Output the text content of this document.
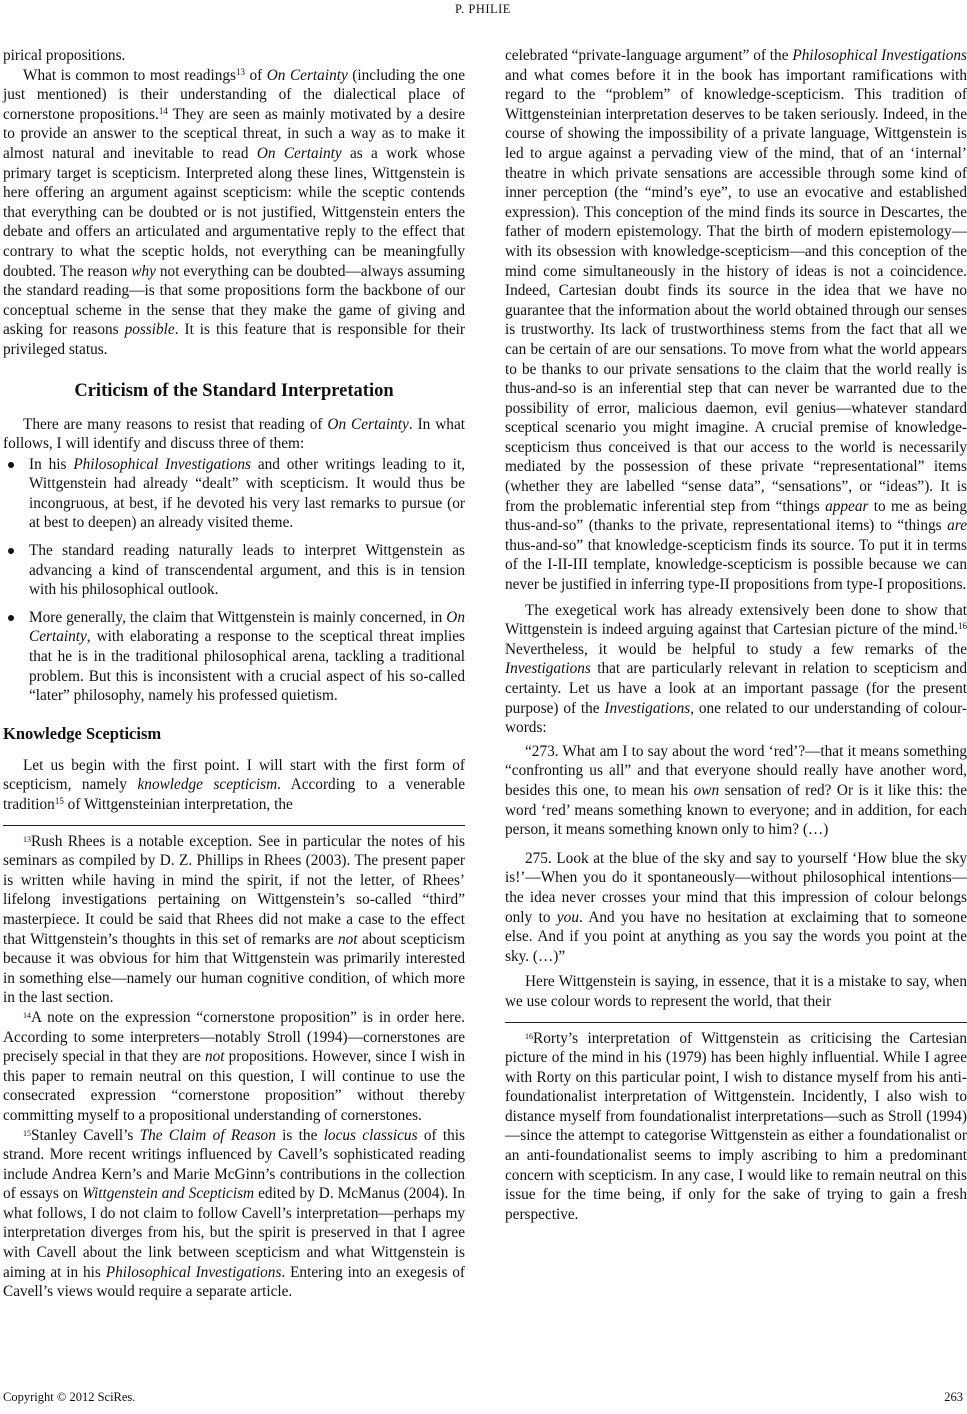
P. PHILIE

pirical propositions.

What is common to most readings$^{13}$ of On Certainty (including the one just mentioned) is their understanding of the dialectical place of cornerstone propositions.$^{14}$ They are seen as mainly motivated by a desire to provide an answer to the sceptical threat, in such a way as to make it almost natural and inevitable to read On Certainty as a work whose primary target is scepticism. Interpreted along these lines, Wittgenstein is here offering an argument against scepticism: while the sceptic contends that everything can be doubted or is not justified, Wittgenstein enters the debate and offers an articulated and argumentative reply to the effect that contrary to what the sceptic holds, not everything can be meaningfully doubted. The reason why not everything can be doubted—always assuming the standard reading—is that some propositions form the backbone of our conceptual scheme in the sense that they make the game of giving and asking for reasons possible. It is this feature that is responsible for their privileged status.

Criticism of the Standard Interpretation

There are many reasons to resist that reading of On Certainty. In what follows, I will identify and discuss three of them:

In his Philosophical Investigations and other writings leading to it, Wittgenstein had already “dealt” with scepticism. It would thus be incongruous, at best, if he devoted his very last remarks to pursue (or at best to deepen) an already visited theme.
The standard reading naturally leads to interpret Wittgenstein as advancing a kind of transcendental argument, and this is in tension with his philosophical outlook.
More generally, the claim that Wittgenstein is mainly concerned, in On Certainty, with elaborating a response to the sceptical threat implies that he is in the traditional philosophical arena, tackling a traditional problem. But this is inconsistent with a crucial aspect of his so-called “later” philosophy, namely his professed quietism.
Knowledge Scepticism

Let us begin with the first point. I will start with the first form of scepticism, namely knowledge scepticism. According to a venerable tradition$^{15}$ of Wittgensteinian interpretation, the

$^{13}$Rush Rhees is a notable exception. See in particular the notes of his seminars as compiled by D. Z. Phillips in Rhees (2003). The present paper is written while having in mind the spirit, if not the letter, of Rhees’ lifelong investigations pertaining on Wittgenstein’s so-called “third” masterpiece. It could be said that Rhees did not make a case to the effect that Wittgenstein’s thoughts in this set of remarks are not about scepticism because it was obvious for him that Wittgenstein was primarily interested in something else—namely our human cognitive condition, of which more in the last section.

$^{14}$A note on the expression “cornerstone proposition” is in order here. According to some interpreters—notably Stroll (1994)—cornerstones are precisely special in that they are not propositions. However, since I wish in this paper to remain neutral on this question, I will continue to use the consecrated expression “cornerstone proposition” without thereby committing myself to a propositional understanding of cornerstones.

$^{15}$Stanley Cavell’s The Claim of Reason is the locus classicus of this strand. More recent writings influenced by Cavell’s sophisticated reading include Andrea Kern’s and Marie McGinn’s contributions in the collection of essays on Wittgenstein and Scepticism edited by D. McManus (2004). In what follows, I do not claim to follow Cavell’s interpretation—perhaps my interpretation diverges from his, but the spirit is preserved in that I agree with Cavell about the link between scepticism and what Wittgenstein is aiming at in his Philosophical Investigations. Entering into an exegesis of Cavell’s views would require a separate article.

celebrated “private-language argument” of the Philosophical Investigations and what comes before it in the book has important ramifications with regard to the “problem” of knowledge-scepticism. This tradition of Wittgensteinian interpretation deserves to be taken seriously. Indeed, in the course of showing the impossibility of a private language, Wittgenstein is led to argue against a pervading view of the mind, that of an ‘internal’ theatre in which private sensations are accessible through some kind of inner perception (the “mind’s eye”, to use an evocative and established expression). This conception of the mind finds its source in Descartes, the father of modern epistemology. That the birth of modern epistemology—with its obsession with knowledge-scepticism—and this conception of the mind come simultaneously in the history of ideas is not a coincidence. Indeed, Cartesian doubt finds its source in the idea that we have no guarantee that the information about the world obtained through our senses is trustworthy. Its lack of trustworthiness stems from the fact that all we can be certain of are our sensations. To move from what the world appears to be thanks to our private sensations to the claim that the world really is thus-and-so is an inferential step that can never be warranted due to the possibility of error, malicious daemon, evil genius—whatever standard sceptical scenario you might imagine. A crucial premise of knowledge-scepticism thus conceived is that our access to the world is necessarily mediated by the possession of these private “representational” items (whether they are labelled “sense data”, “sensations”, or “ideas”). It is from the problematic inferential step from “things appear to me as being thus-and-so” (thanks to the private, representational items) to “things are thus-and-so” that knowledge-scepticism finds its source. To put it in terms of the I-II-III template, knowledge-scepticism is possible because we can never be justified in inferring type-II propositions from type-I propositions.

The exegetical work has already extensively been done to show that Wittgenstein is indeed arguing against that Cartesian picture of the mind.$^{16}$ Nevertheless, it would be helpful to study a few remarks of the Investigations that are particularly relevant in relation to scepticism and certainty. Let us have a look at an important passage (for the present purpose) of the Investigations, one related to our understanding of colour-words:

“273. What am I to say about the word ‘red’?—that it means something “confronting us all” and that everyone should really have another word, besides this one, to mean his own sensation of red? Or is it like this: the word ‘red’ means something known to everyone; and in addition, for each person, it means something known only to him? (…)

275. Look at the blue of the sky and say to yourself ‘How blue the sky is!’—When you do it spontaneously—without philosophical intentions—the idea never crosses your mind that this impression of colour belongs only to you. And you have no hesitation at exclaiming that to someone else. And if you point at anything as you say the words you point at the sky. (…)”

Here Wittgenstein is saying, in essence, that it is a mistake to say, when we use colour words to represent the world, that their

$^{16}$Rorty’s interpretation of Wittgenstein as criticising the Cartesian picture of the mind in his (1979) has been highly influential. While I agree with Rorty on this particular point, I wish to distance myself from his anti-foundationalist interpretation of Wittgenstein. Incidently, I also wish to distance myself from foundationalist interpretations—such as Stroll (1994)—since the attempt to categorise Wittgenstein as either a foundationalist or an anti-foundationalist seems to imply ascribing to him a predominant concern with scepticism. In any case, I would like to remain neutral on this issue for the time being, if only for the sake of trying to gain a fresh perspective.

Copyright © 2012 SciRes.	263
